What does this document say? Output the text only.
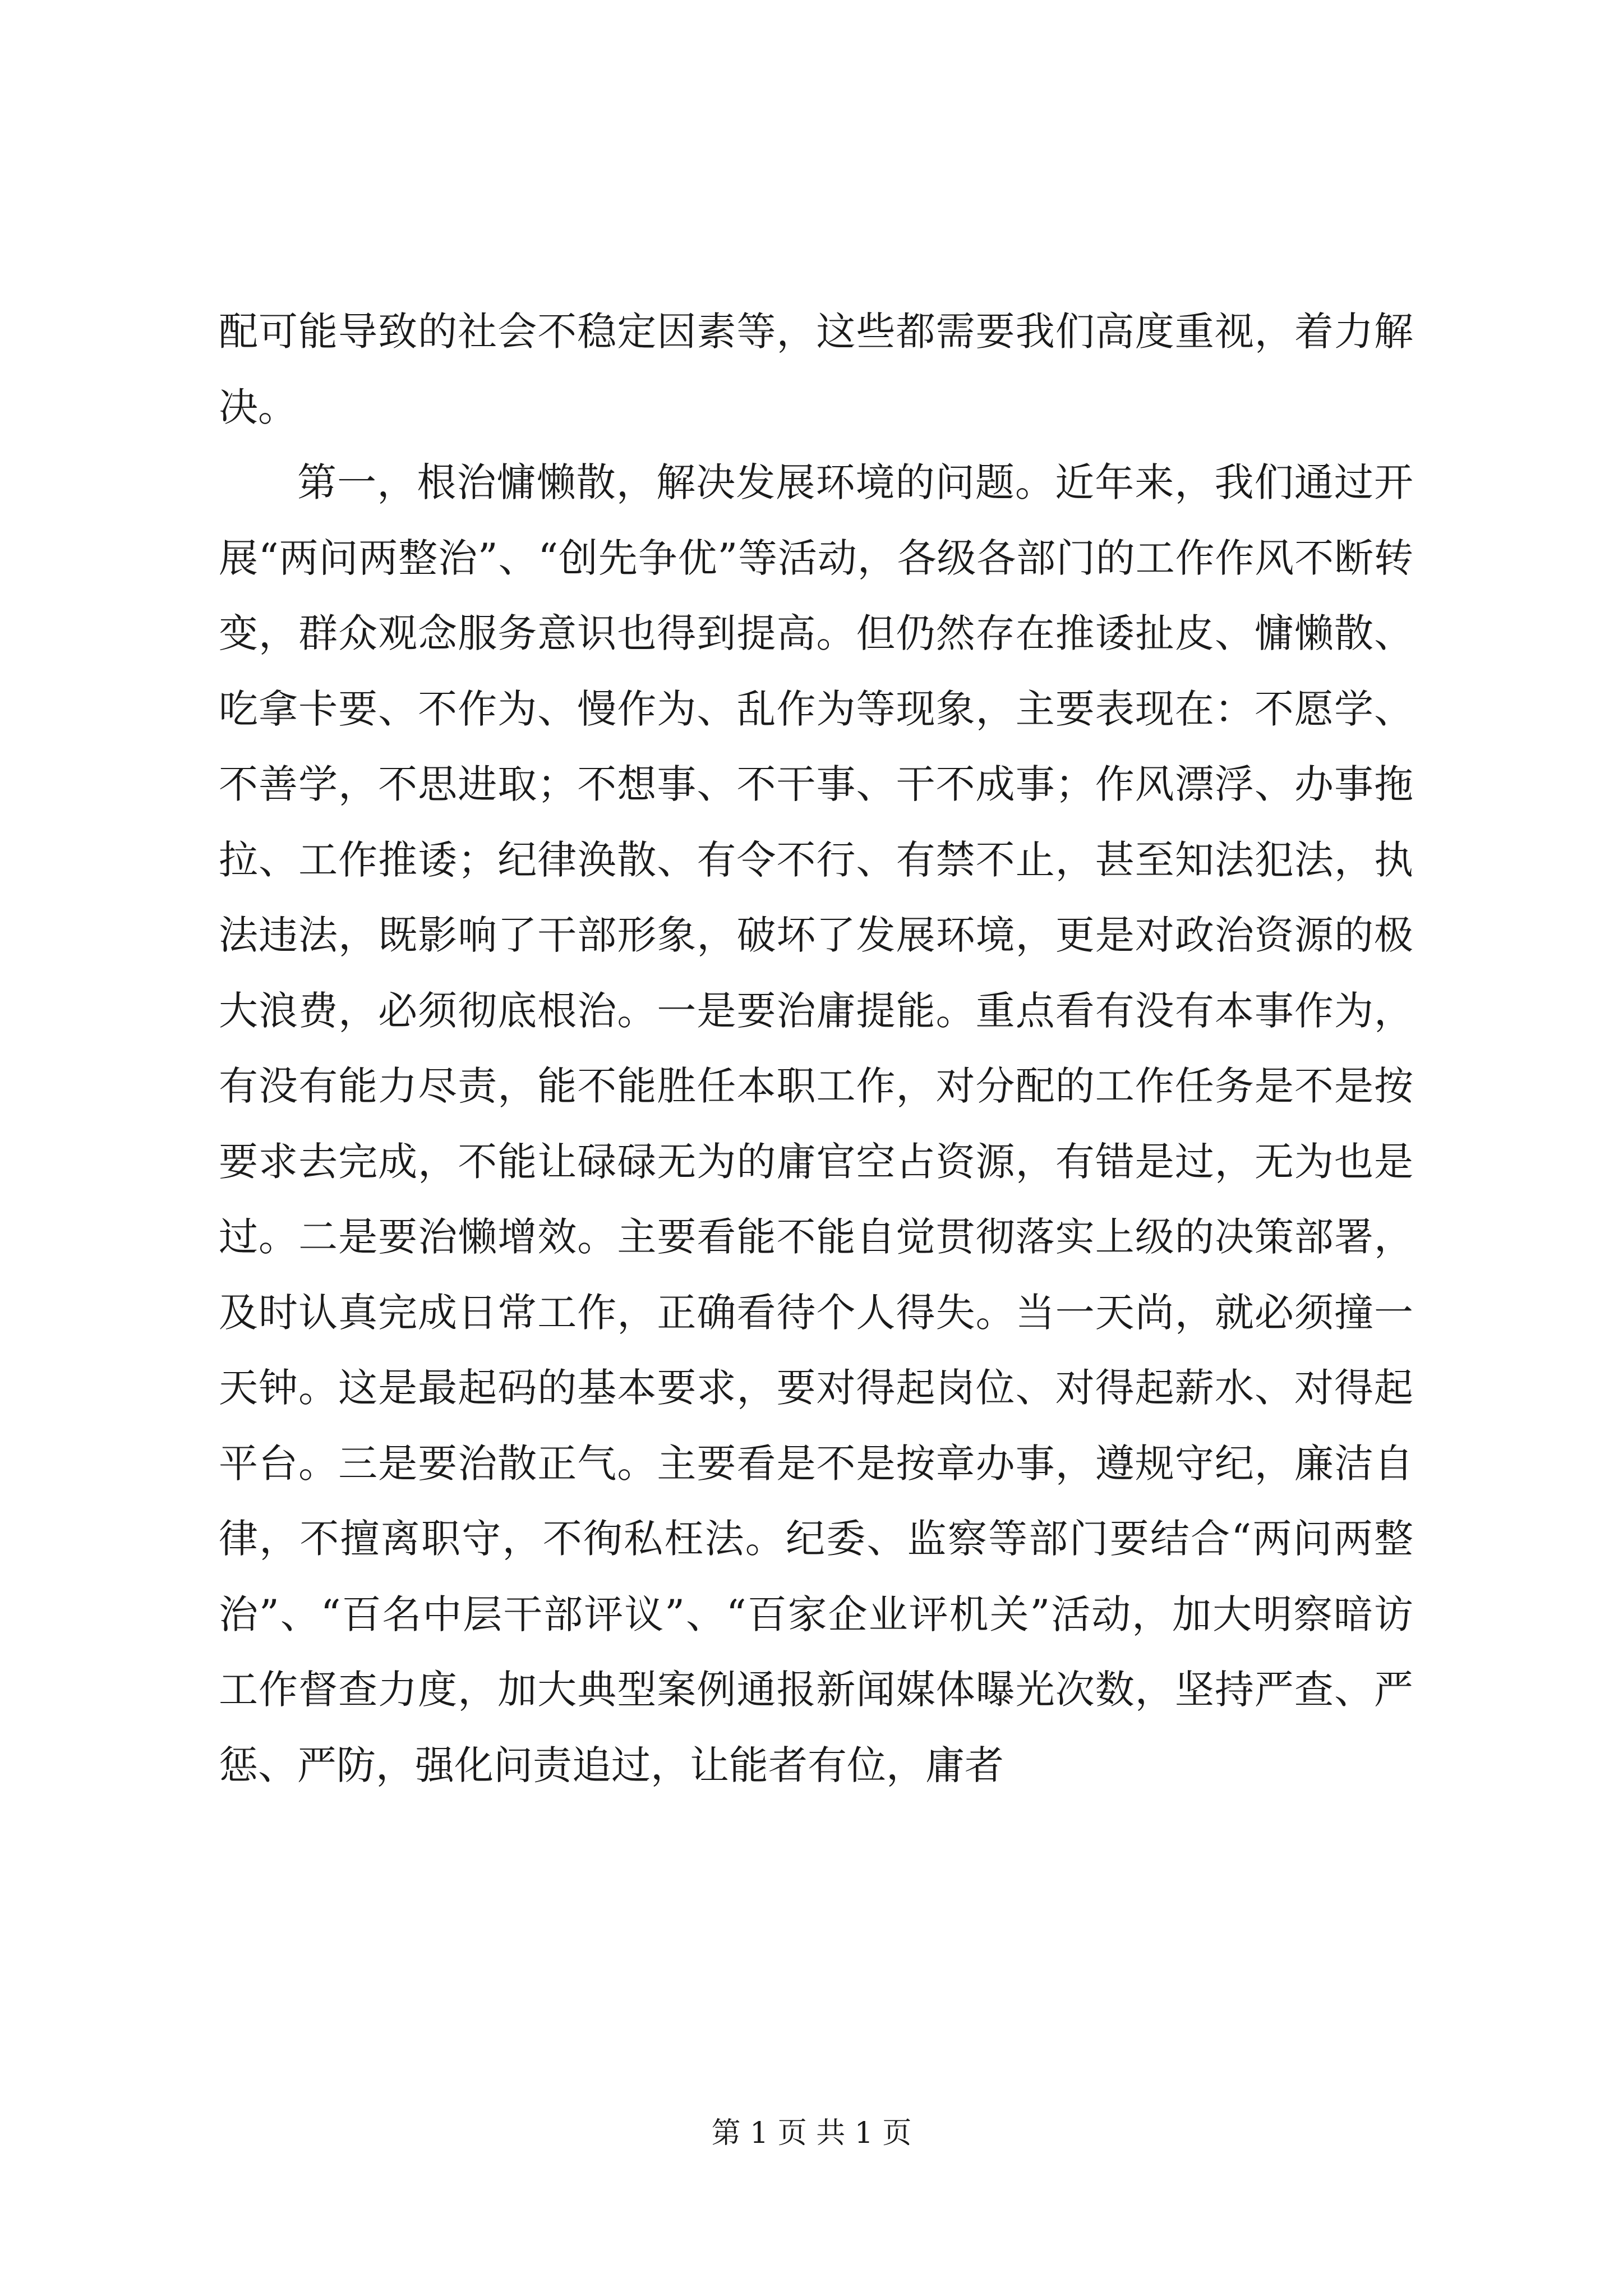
配可能导致的社会不稳定因素等，这些都需要我们高度重视，着力解决。

第一，根治慵懒散，解决发展环境的问题。近年来，我们通过开展“两问两整治”、“创先争优”等活动，各级各部门的工作作风不断转变，群众观念服务意识也得到提高。但仍然存在推诿扯皮、慵懒散、吃拿卡要、不作为、慢作为、乱作为等现象，主要表现在：不愿学、不善学，不思进取；不想事、不干事、干不成事；作风漂浮、办事拖拉、工作推诿；纪律涣散、有令不行、有禁不止，甚至知法犯法，执法违法，既影响了干部形象，破坏了发展环境，更是对政治资源的极大浪费，必须彻底根治。一是要治庸提能。重点看有没有本事作为，有没有能力尽责，能不能胜任本职工作，对分配的工作任务是不是按要求去完成，不能让碌碌无为的庸官空占资源，有错是过，无为也是过。二是要治懒增效。主要看能不能自觉贯彻落实上级的决策部署，及时认真完成日常工作，正确看待个人得失。当一天尚，就必须撞一天钟。这是最起码的基本要求，要对得起岗位、对得起薪水、对得起平台。三是要治散正气。主要看是不是按章办事，遵规守纪，廉洁自律，不擅离职守，不徇私枉法。纪委、监察等部门要结合“两问两整治”、“百名中层干部评议”、“百家企业评机关”活动，加大明察暗访工作督查力度，加大典型案例通报新闻媒体曝光次数，坚持严查、严惩、严防，强化问责追过，让能者有位，庸者

第 1 页 共 1 页
